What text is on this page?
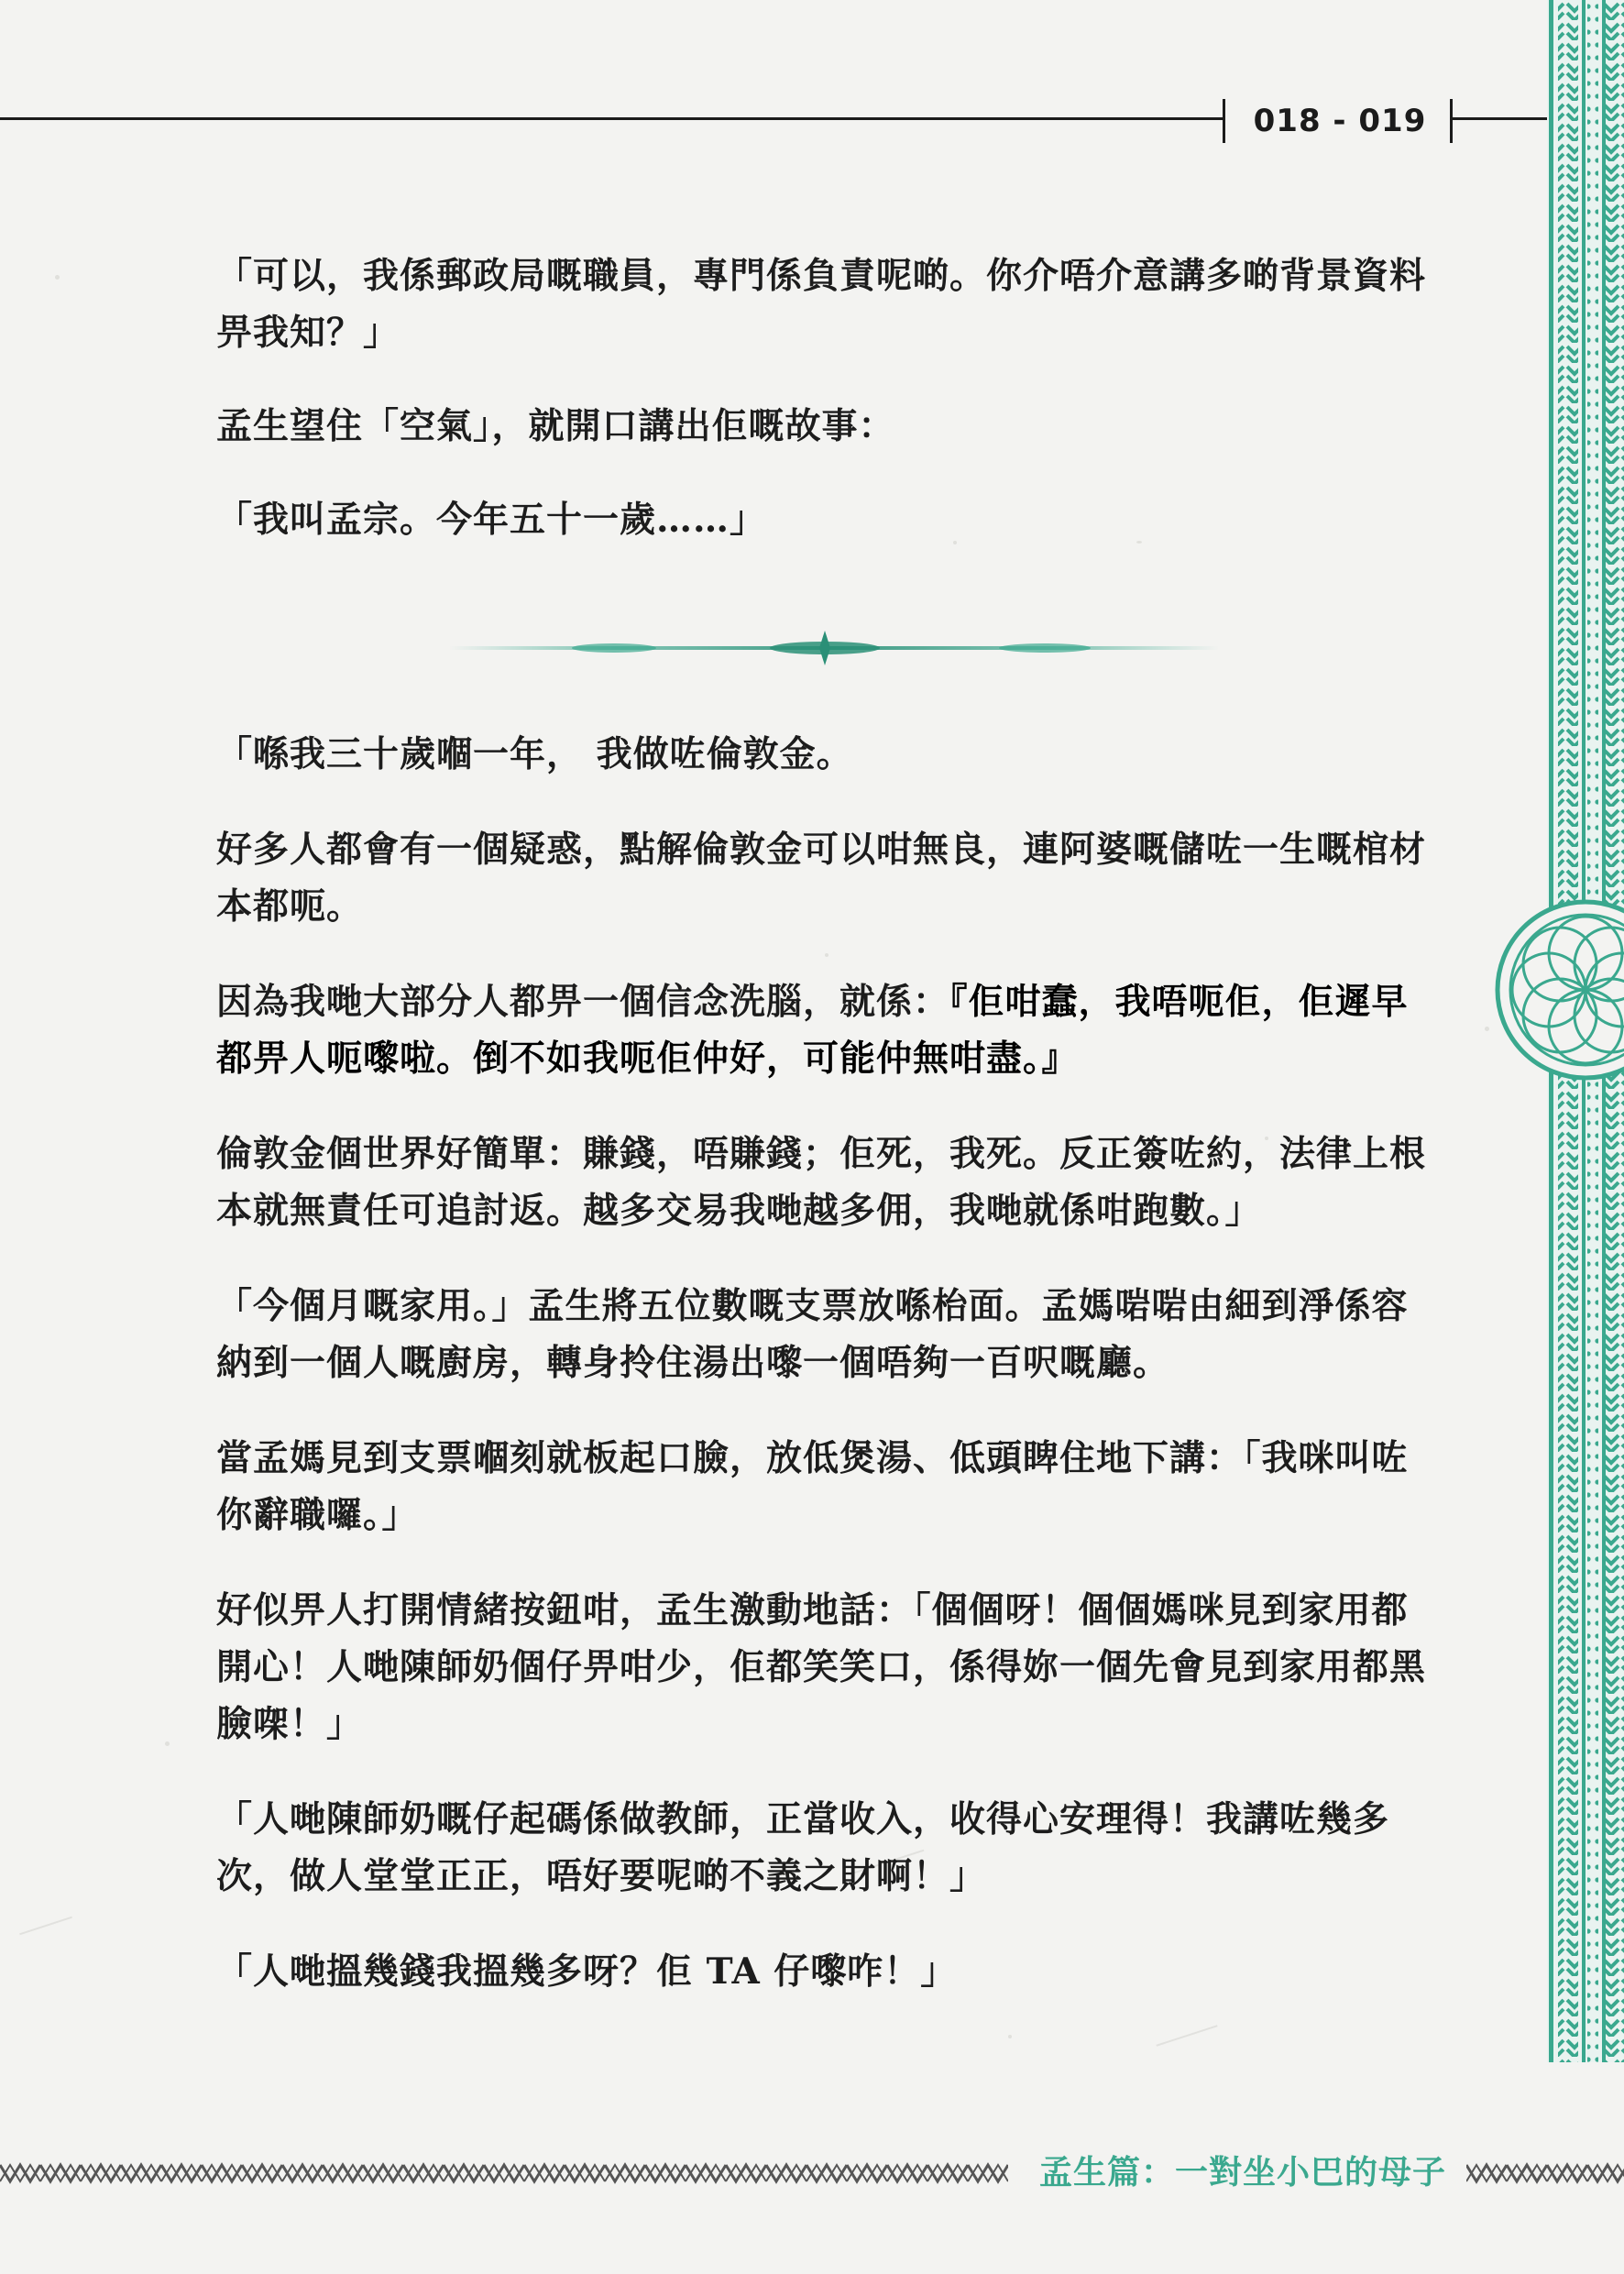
018 - 019

「可以，我係郵政局嘅職員，專門係負責呢啲。你介唔介意講多啲背景資料畀我知？」

孟生望住「空氣」，就開口講出佢嘅故事：

「我叫孟宗。今年五十一歲……」

「喺我三十歲嗰一年， 我做咗倫敦金。

好多人都會有一個疑惑，點解倫敦金可以咁無良，連阿婆嘅儲咗一生嘅棺材本都呃。

因為我哋大部分人都畀一個信念洗腦，就係：『佢咁蠢，我唔呃佢，佢遲早都畀人呃嚟啦。倒不如我呃佢仲好，可能仲無咁盡。』

倫敦金個世界好簡單：賺錢，唔賺錢；佢死，我死。反正簽咗約，法律上根本就無責任可追討返。越多交易我哋越多佣，我哋就係咁跑數。」

「今個月嘅家用。」孟生將五位數嘅支票放喺枱面。孟媽啱啱由細到淨係容納到一個人嘅廚房，轉身拎住湯出嚟一個唔夠一百呎嘅廳。

當孟媽見到支票嗰刻就板起口臉，放低煲湯、低頭睥住地下講：「我咪叫咗你辭職囉。」

好似畀人打開情緒按鈕咁，孟生激動地話：「個個呀！個個媽咪見到家用都開心！人哋陳師奶個仔畀咁少，佢都笑笑口，係得妳一個先會見到家用都黑臉㗎！」

「人哋陳師奶嘅仔起碼係做教師，正當收入，收得心安理得！我講咗幾多次，做人堂堂正正，唔好要呢啲不義之財啊！」

「人哋搵幾錢我搵幾多呀？佢 TA 仔嚟咋！」

孟生篇：一對坐小巴的母子
